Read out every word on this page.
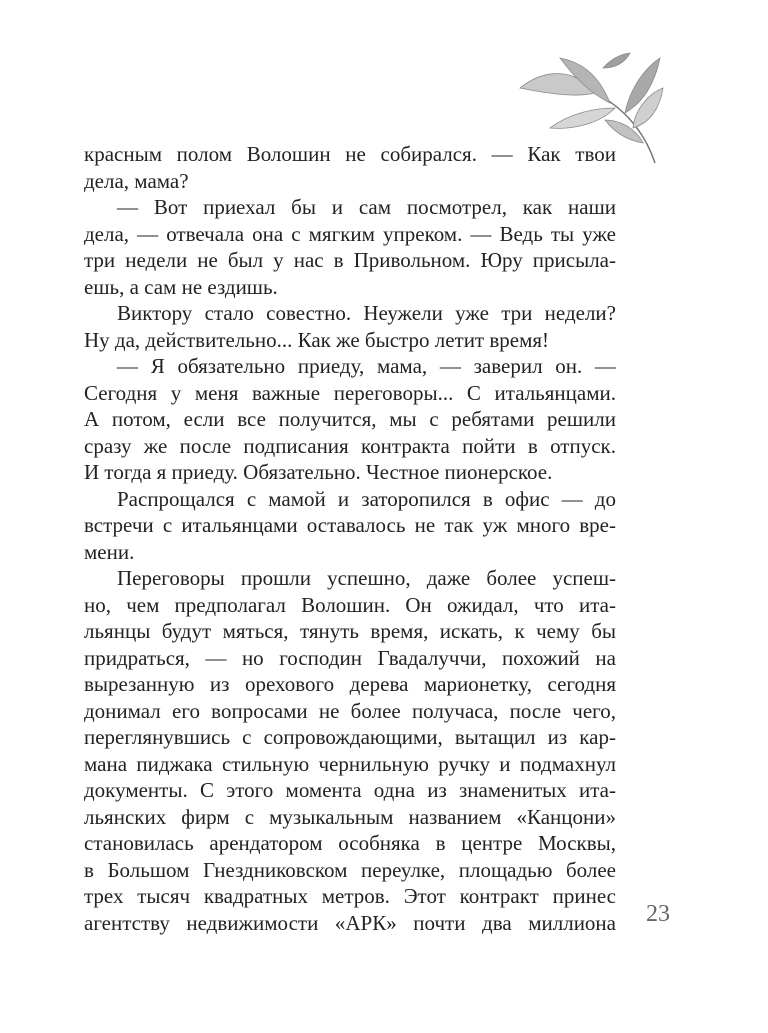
красным полом Волошин не собирался. — Как твои
дела, мама?
— Вот приехал бы и сам посмотрел, как наши
дела, — отвечала она с мягким упреком. — Ведь ты уже
три недели не был у нас в Привольном. Юру присыла-
ешь, а сам не ездишь.
Виктору стало совестно. Неужели уже три недели?
Ну да, действительно... Как же быстро летит время!
— Я обязательно приеду, мама, — заверил он. —
Сегодня у меня важные переговоры... С итальянцами.
А потом, если все получится, мы с ребятами решили
сразу же после подписания контракта пойти в отпуск.
И тогда я приеду. Обязательно. Честное пионерское.
Распрощался с мамой и заторопился в офис — до
встречи с итальянцами оставалось не так уж много вре-
мени.
Переговоры прошли успешно, даже более успеш-
но, чем предполагал Волошин. Он ожидал, что ита-
льянцы будут мяться, тянуть время, искать, к чему бы
придраться, — но господин Гвадалуччи, похожий на
вырезанную из орехового дерева марионетку, сегодня
донимал его вопросами не более получаса, после чего,
переглянувшись с сопровождающими, вытащил из кар-
мана пиджака стильную чернильную ручку и подмахнул
документы. С этого момента одна из знаменитых ита-
льянских фирм с музыкальным названием «Канцони»
становилась арендатором особняка в центре Москвы,
в Большом Гнездниковском переулке, площадью более
трех тысяч квадратных метров. Этот контракт принес
агентству недвижимости «АРК» почти два миллиона 23
